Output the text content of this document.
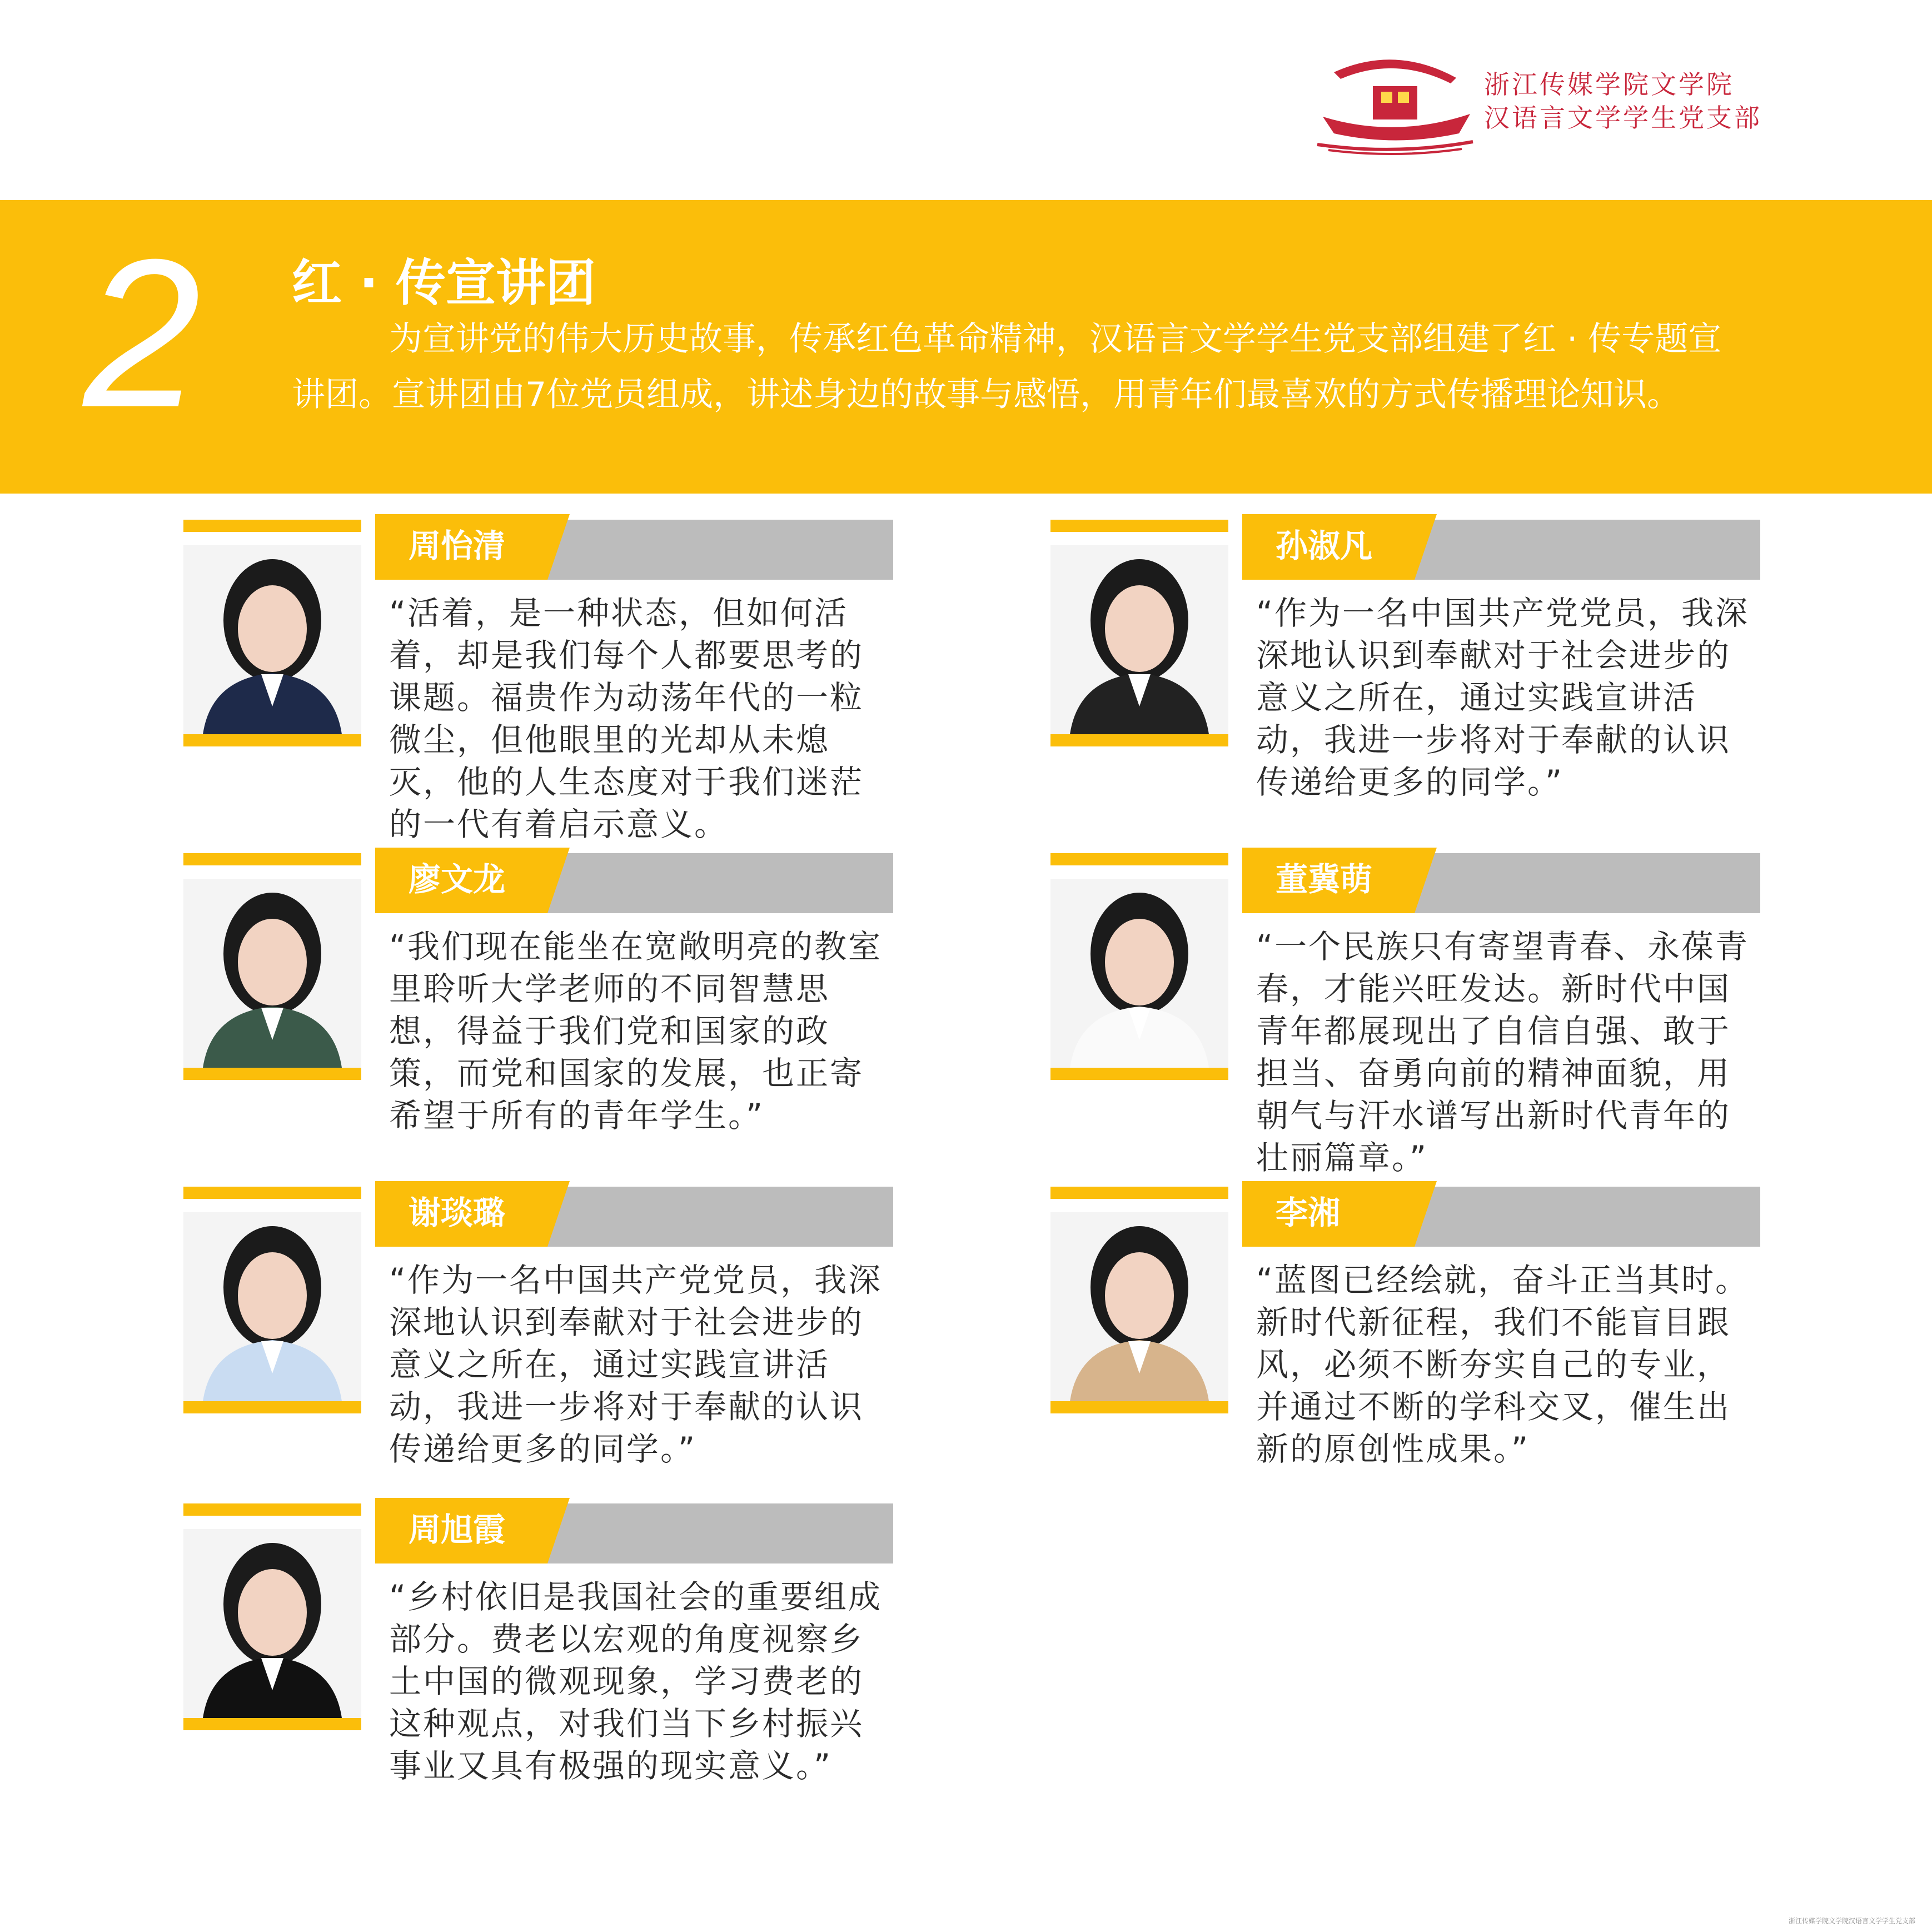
浙江传媒学院文学院
汉语言文学学生党支部
2 红 · 传宣讲团
为宣讲党的伟大历史故事，传承红色革命精神，汉语言文学学生党支部组建了红 · 传专题宣讲团。宣讲团由7位党员组成，讲述身边的故事与感悟，用青年们最喜欢的方式传播理论知识。
周怡清
“活着，是一种状态，但如何活着，却是我们每个人都要思考的课题。福贵作为动荡年代的一粒微尘，但他眼里的光却从未熄灭，他的人生态度对于我们迷茫的一代有着启示意义。
孙淑凡
“作为一名中国共产党党员，我深深地认识到奉献对于社会进步的意义之所在，通过实践宣讲活动，我进一步将对于奉献的认识传递给更多的同学。”
廖文龙
“我们现在能坐在宽敞明亮的教室里聆听大学老师的不同智慧思想，得益于我们党和国家的政策，而党和国家的发展，也正寄希望于所有的青年学生。”
董冀萌
“一个民族只有寄望青春、永葆青春，才能兴旺发达。新时代中国青年都展现出了自信自强、敢于担当、奋勇向前的精神面貌，用朝气与汗水谱写出新时代青年的壮丽篇章。”
谢琰璐
“作为一名中国共产党党员，我深深地认识到奉献对于社会进步的意义之所在，通过实践宣讲活动，我进一步将对于奉献的认识传递给更多的同学。”
李湘
“蓝图已经绘就，奋斗正当其时。新时代新征程，我们不能盲目跟风，必须不断夯实自己的专业，并通过不断的学科交叉，催生出新的原创性成果。”
周旭霞
“乡村依旧是我国社会的重要组成部分。费老以宏观的角度视察乡土中国的微观现象，学习费老的这种观点，对我们当下乡村振兴事业又具有极强的现实意义。”
浙江传媒学院文学院汉语言文学学生党支部
